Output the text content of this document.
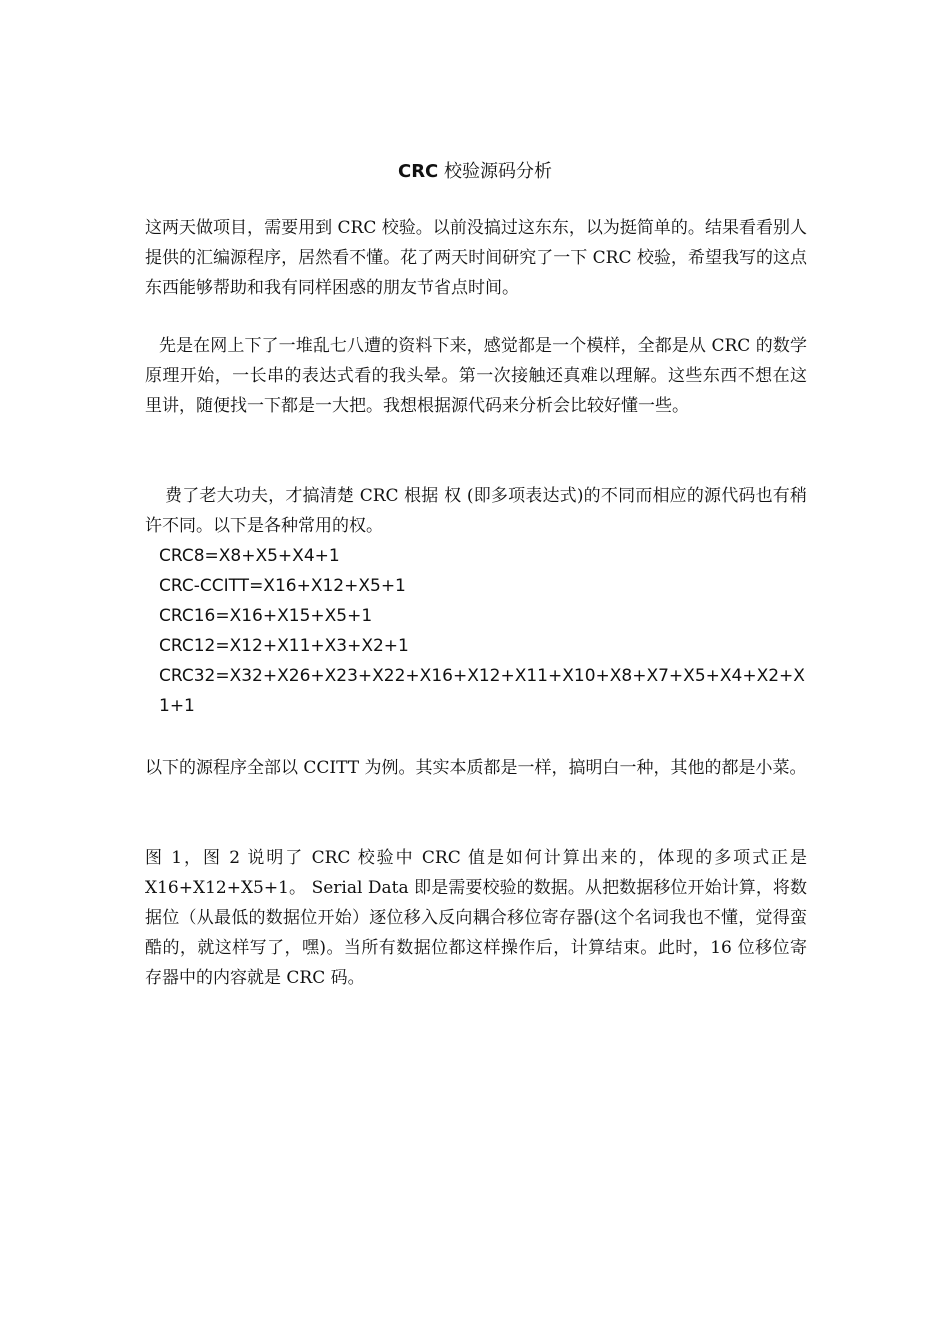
CRC 校验源码分析

这两天做项目，需要用到 CRC 校验。以前没搞过这东东，以为挺简单的。结果看看别人提供的汇编源程序，居然看不懂。花了两天时间研究了一下 CRC 校验，希望我写的这点东西能够帮助和我有同样困惑的朋友节省点时间。

先是在网上下了一堆乱七八遭的资料下来，感觉都是一个模样，全都是从 CRC 的数学原理开始，一长串的表达式看的我头晕。第一次接触还真难以理解。这些东西不想在这里讲，随便找一下都是一大把。我想根据源代码来分析会比较好懂一些。

费了老大功夫，才搞清楚 CRC 根据 权 (即多项表达式)的不同而相应的源代码也有稍许不同。以下是各种常用的权。

CRC8=X8+X5+X4+1
CRC-CCITT=X16+X12+X5+1
CRC16=X16+X15+X5+1
CRC12=X12+X11+X3+X2+1
CRC32=X32+X26+X23+X22+X16+X12+X11+X10+X8+X7+X5+X4+X2+X1+1

以下的源程序全部以 CCITT 为例。其实本质都是一样，搞明白一种，其他的都是小菜。

图 1，图 2 说明了 CRC 校验中 CRC 值是如何计算出来的，体现的多项式正是 X16+X12+X5+1。 Serial Data 即是需要校验的数据。从把数据移位开始计算，将数据位（从最低的数据位开始）逐位移入反向耦合移位寄存器(这个名词我也不懂，觉得蛮酷的，就这样写了，嘿)。当所有数据位都这样操作后，计算结束。此时，16 位移位寄存器中的内容就是 CRC 码。
